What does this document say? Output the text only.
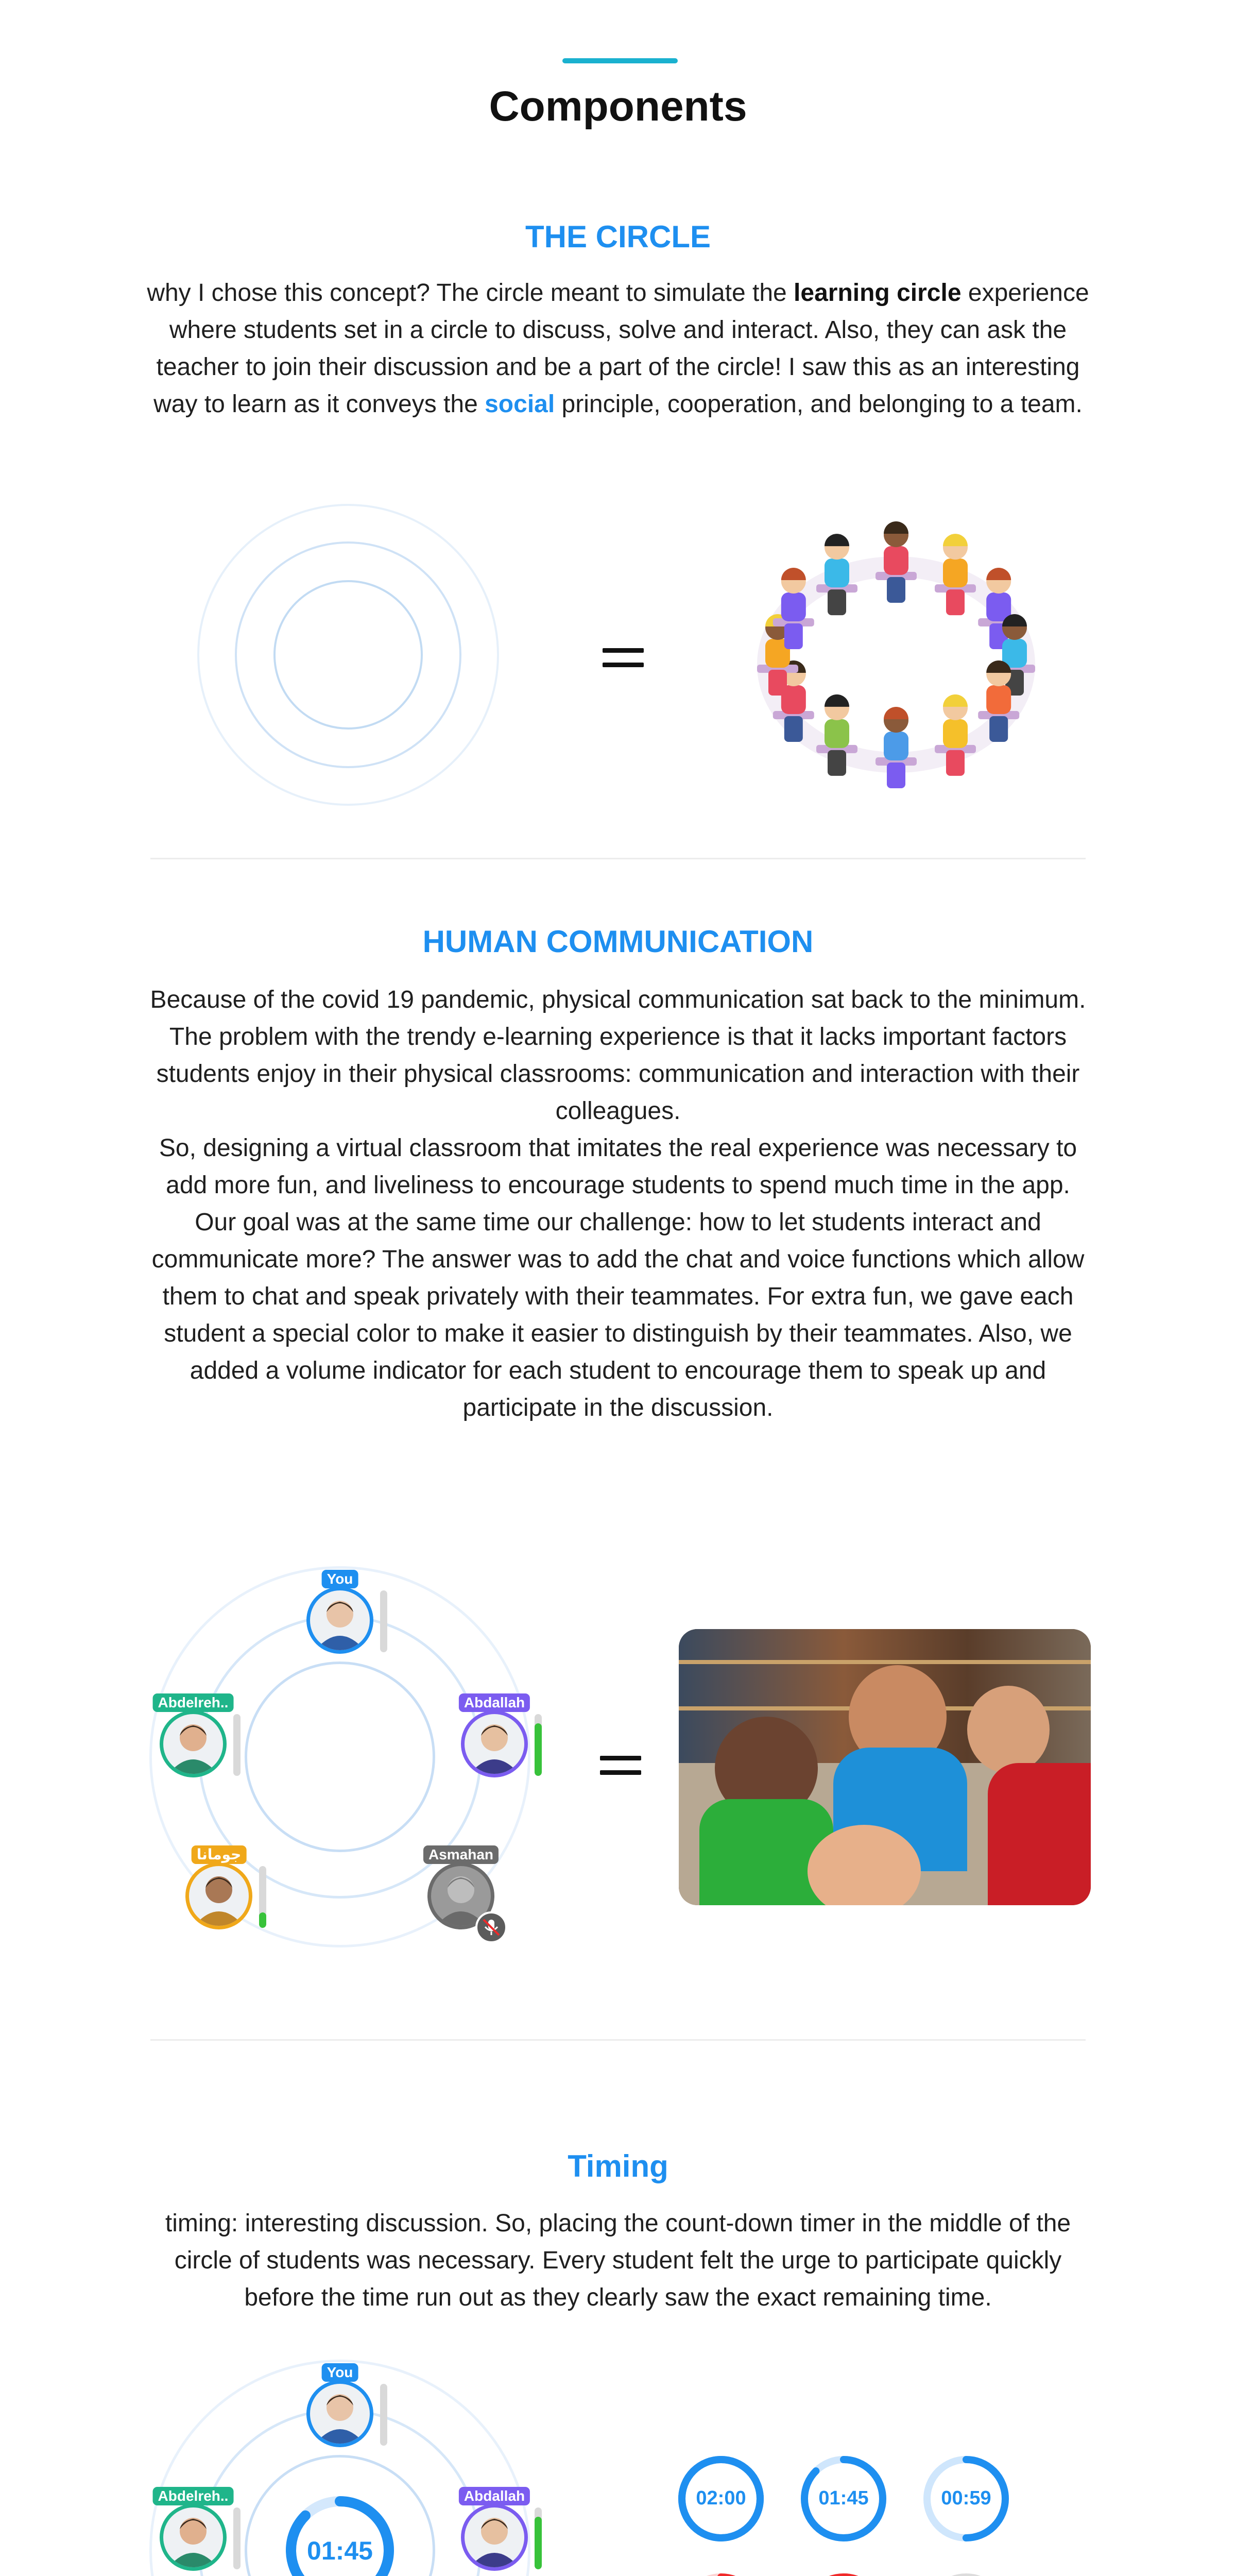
Components
THE CIRCLE

why I chose this concept? The circle meant to simulate the learning circle experience where students set in a circle to discuss, solve and interact. Also, they can ask the teacher to join their discussion and be a part of the circle! I saw this as an interesting way to learn as it conveys the social principle, cooperation, and belonging to a team.

HUMAN COMMUNICATION

Because of the covid 19 pandemic, physical communication sat back to the minimum. The problem with the trendy e-learning experience is that it lacks important factors students enjoy in their physical classrooms: communication and interaction with their colleagues.

So, designing a virtual classroom that imitates the real experience was necessary to add more fun, and liveliness to encourage students to spend much time in the app.

Our goal was at the same time our challenge: how to let students interact and communicate more? The answer was to add the chat and voice functions which allow them to chat and speak privately with their teammates. For extra fun, we gave each student a special color to make it easier to distinguish by their teammates. Also, we added a volume indicator for each student to encourage them to speak up and participate in the discussion.

You
Abdallah
Asmahan
جومانا
Abdelreh..
Timing

timing: interesting discussion. So, placing the count-down timer in the middle of the circle of students was necessary. Every student felt the urge to participate quickly before the time run out as they clearly saw the exact remaining time.

You
Abdallah
Abdelreh..
01:45
02:00	01:45	00:59
